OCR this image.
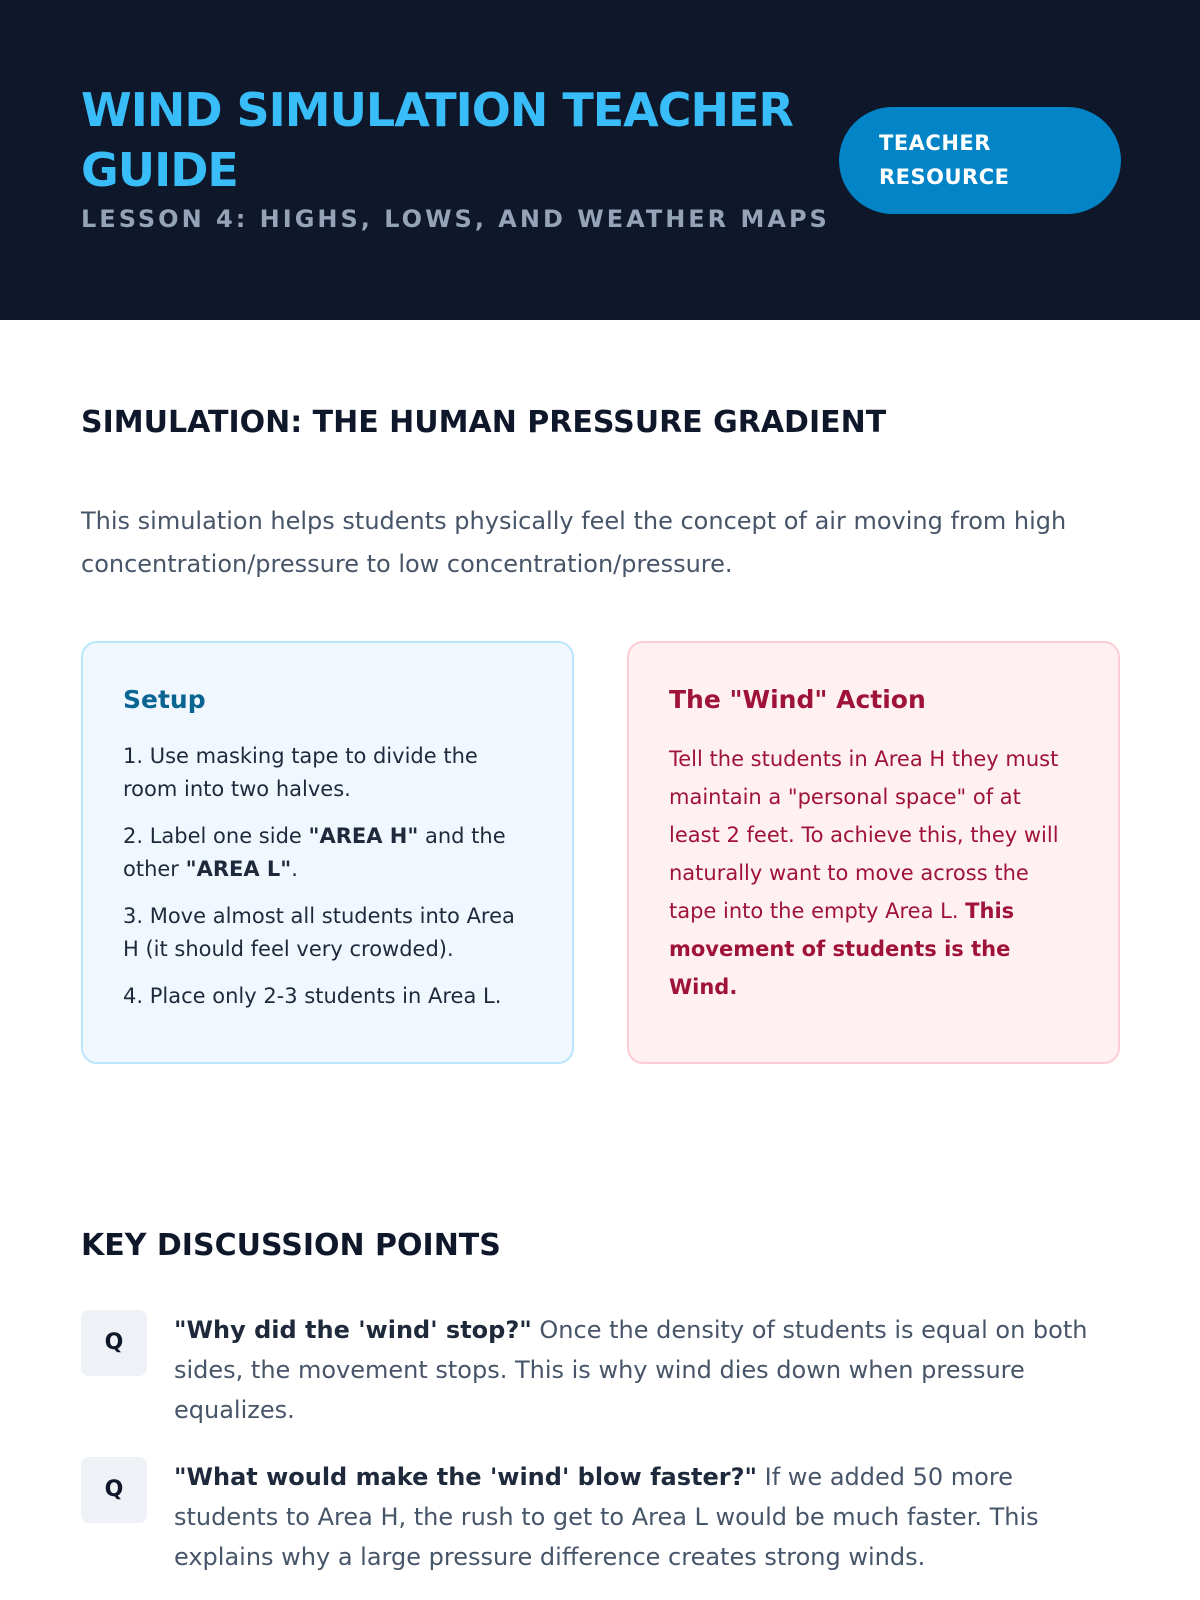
WIND SIMULATION TEACHER GUIDE
LESSON 4: HIGHS, LOWS, AND WEATHER MAPS
TEACHER RESOURCE
SIMULATION: THE HUMAN PRESSURE GRADIENT

This simulation helps students physically feel the concept of air moving from high concentration/pressure to low concentration/pressure.

Setup
1. Use masking tape to divide the room into two halves.
2. Label one side "AREA H" and the other "AREA L".
3. Move almost all students into Area H (it should feel very crowded).
4. Place only 2-3 students in Area L.
The "Wind" Action

Tell the students in Area H they must maintain a "personal space" of at least 2 feet. To achieve this, they will naturally want to move across the tape into the empty Area L. This movement of students is the Wind.

KEY DISCUSSION POINTS
Q	"Why did the 'wind' stop?" Once the density of students is equal on both sides, the movement stops. This is why wind dies down when pressure equalizes.

Q	"What would make the 'wind' blow faster?" If we added 50 more students to Area H, the rush to get to Area L would be much faster. This explains why a large pressure difference creates strong winds.
